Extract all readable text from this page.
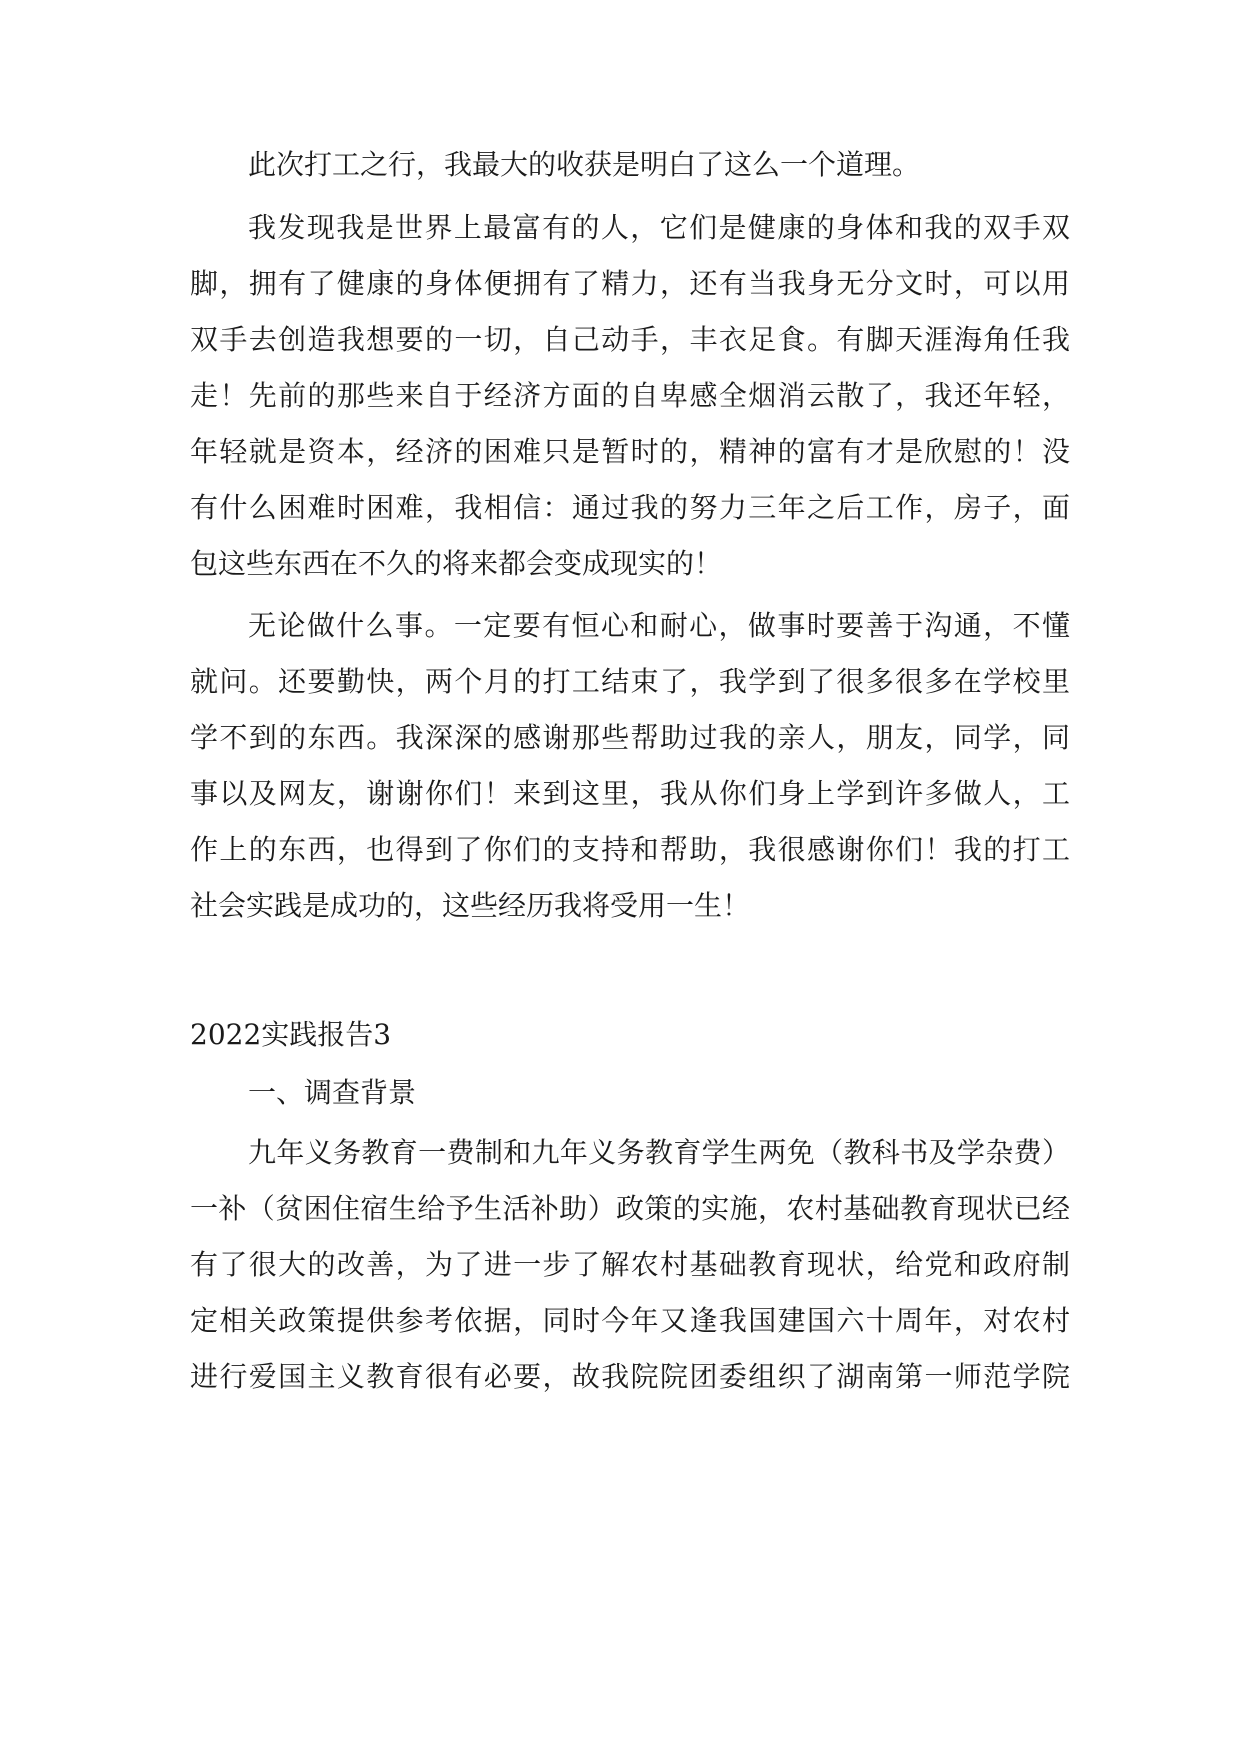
此次打工之行，我最大的收获是明白了这么一个道理。
我发现我是世界上最富有的人，它们是健康的身体和我的双手双
脚，拥有了健康的身体便拥有了精力，还有当我身无分文时，可以用
双手去创造我想要的一切，自己动手，丰衣足食。有脚天涯海角任我
走！先前的那些来自于经济方面的自卑感全烟消云散了，我还年轻，
年轻就是资本，经济的困难只是暂时的，精神的富有才是欣慰的！没
有什么困难时困难，我相信：通过我的努力三年之后工作，房子，面
包这些东西在不久的将来都会变成现实的！
无论做什么事。一定要有恒心和耐心，做事时要善于沟通，不懂
就问。还要勤快，两个月的打工结束了，我学到了很多很多在学校里
学不到的东西。我深深的感谢那些帮助过我的亲人，朋友，同学，同
事以及网友，谢谢你们！来到这里，我从你们身上学到许多做人，工
作上的东西，也得到了你们的支持和帮助，我很感谢你们！我的打工
社会实践是成功的，这些经历我将受用一生！
2022实践报告3
一、调查背景
九年义务教育一费制和九年义务教育学生两免（教科书及学杂费）
一补（贫困住宿生给予生活补助）政策的实施，农村基础教育现状已经
有了很大的改善，为了进一步了解农村基础教育现状，给党和政府制
定相关政策提供参考依据，同时今年又逢我国建国六十周年，对农村
进行爱国主义教育很有必要，故我院院团委组织了湖南第一师范学院
